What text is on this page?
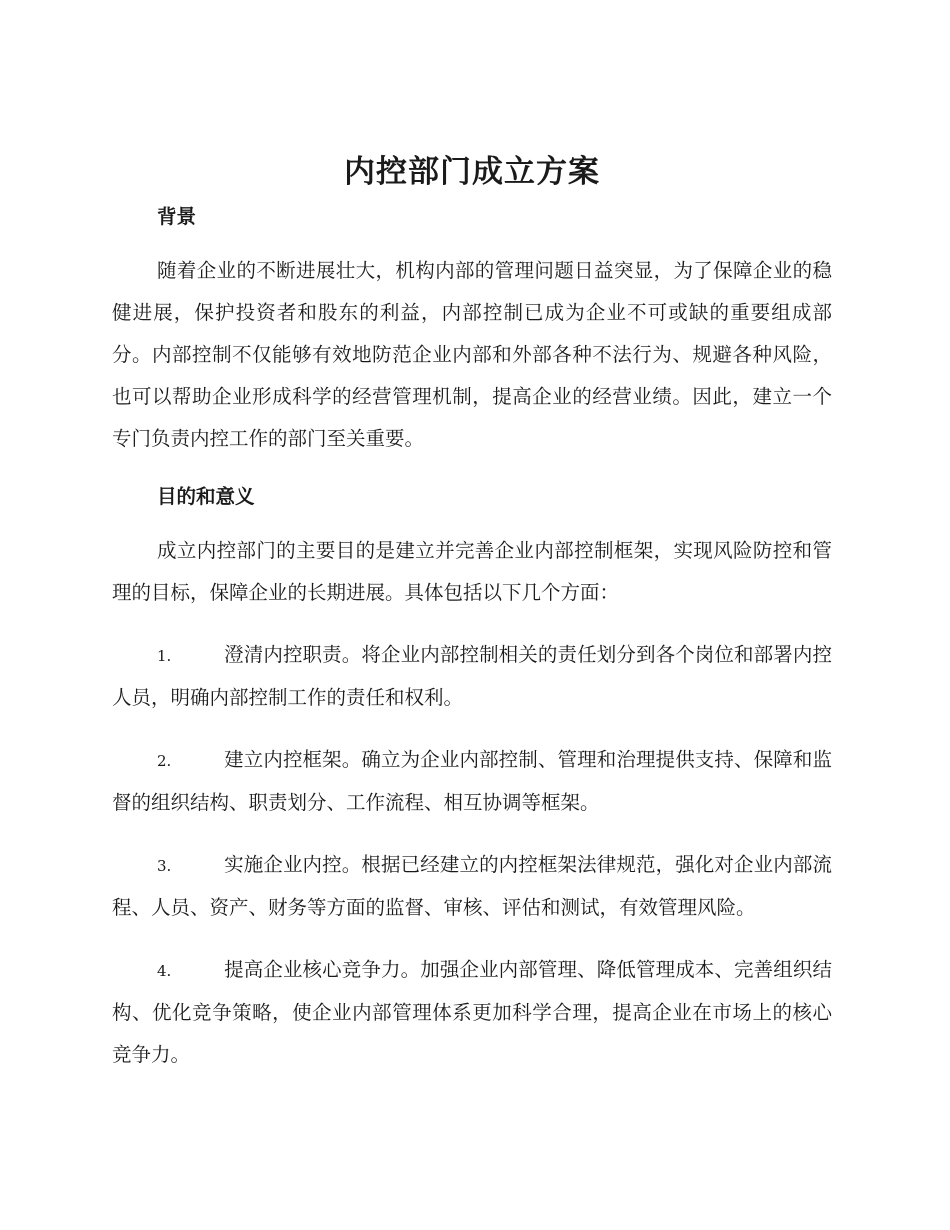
内控部门成立方案
背景

随着企业的不断进展壮大，机构内部的管理问题日益突显，为了保障企业的稳健进展，保护投资者和股东的利益，内部控制已成为企业不可或缺的重要组成部分。内部控制不仅能够有效地防范企业内部和外部各种不法行为、规避各种风险，也可以帮助企业形成科学的经营管理机制，提高企业的经营业绩。因此，建立一个专门负责内控工作的部门至关重要。

目的和意义

成立内控部门的主要目的是建立并完善企业内部控制框架，实现风险防控和管理的目标，保障企业的长期进展。具体包括以下几个方面：

1.	澄清内控职责。将企业内部控制相关的责任划分到各个岗位和部署内控人员，明确内部控制工作的责任和权利。

2.	建立内控框架。确立为企业内部控制、管理和治理提供支持、保障和监督的组织结构、职责划分、工作流程、相互协调等框架。

3.	实施企业内控。根据已经建立的内控框架法律规范，强化对企业内部流程、人员、资产、财务等方面的监督、审核、评估和测试，有效管理风险。

4.	提高企业核心竞争力。加强企业内部管理、降低管理成本、完善组织结构、优化竞争策略，使企业内部管理体系更加科学合理，提高企业在市场上的核心竞争力。
